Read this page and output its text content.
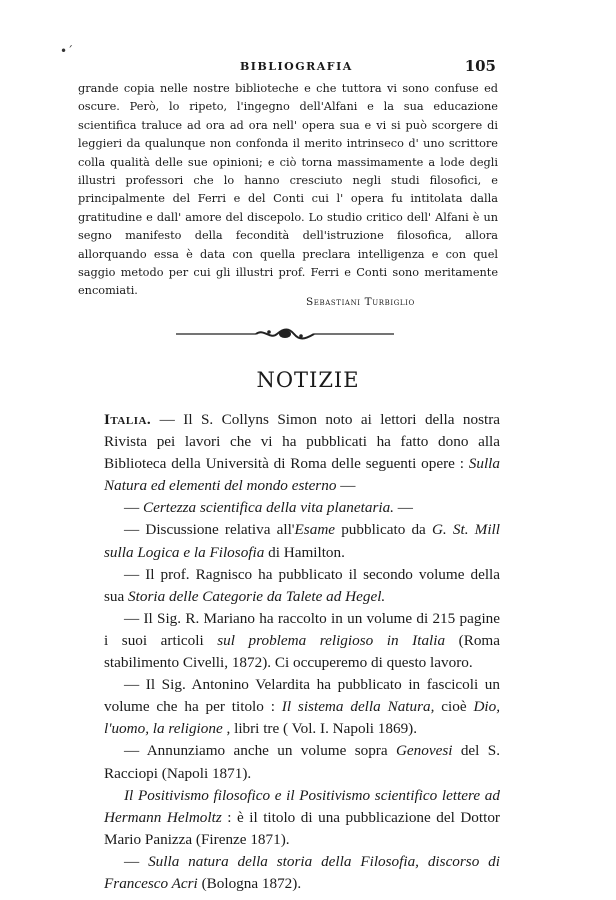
•´
BIBLIOGRAFIA	105

grande copia nelle nostre biblioteche e che tuttora vi sono confuse ed oscure. Però, lo ripeto, l'ingegno dell'Alfani e la sua educazione scientifica traluce ad ora ad ora nell' opera sua e vi si può scorgere di leggieri da qualunque non confonda il merito intrinseco d' uno scrittore colla qualità delle sue opinioni; e ciò torna massimamente a lode degli illustri professori che lo hanno cresciuto negli studi filosofici, e principalmente del Ferri e del Conti cui l' opera fu intitolata dalla gratitudine e dall' amore del discepolo. Lo studio critico dell' Alfani è un segno manifesto della fecondità dell'istruzione filosofica, allora allorquando essa è data con quella preclara intelligenza e con quel saggio metodo per cui gli illustri prof. Ferri e Conti sono meritamente encomiati.

Sebastiani Turbiglio
NOTIZIE

Italia. — Il S. Collyns Simon noto ai lettori della nostra Rivista pei lavori che vi ha pubblicati ha fatto dono alla Biblioteca della Università di Roma delle seguenti opere : Sulla Natura ed elementi del mondo esterno —

— Certezza scientifica della vita planetaria. —

— Discussione relativa all'Esame pubblicato da G. St. Mill sulla Logica e la Filosofia di Hamilton.

— Il prof. Ragnisco ha pubblicato il secondo volume della sua Storia delle Categorie da Talete ad Hegel.

— Il Sig. R. Mariano ha raccolto in un volume di 215 pagine i suoi articoli sul problema religioso in Italia (Roma stabilimento Civelli, 1872). Ci occuperemo di questo lavoro.

— Il Sig. Antonino Velardita ha pubblicato in fascicoli un volume che ha per titolo : Il sistema della Natura, cioè Dio, l'uomo, la religione , libri tre ( Vol. I. Napoli 1869).

— Annunziamo anche un volume sopra Genovesi del S. Racciopi (Napoli 1871).

Il Positivismo filosofico e il Positivismo scientifico lettere ad Hermann Helmoltz : è il titolo di una pubblicazione del Dottor Mario Panizza (Firenze 1871).

— Sulla natura della storia della Filosofia, discorso di Francesco Acri (Bologna 1872).
